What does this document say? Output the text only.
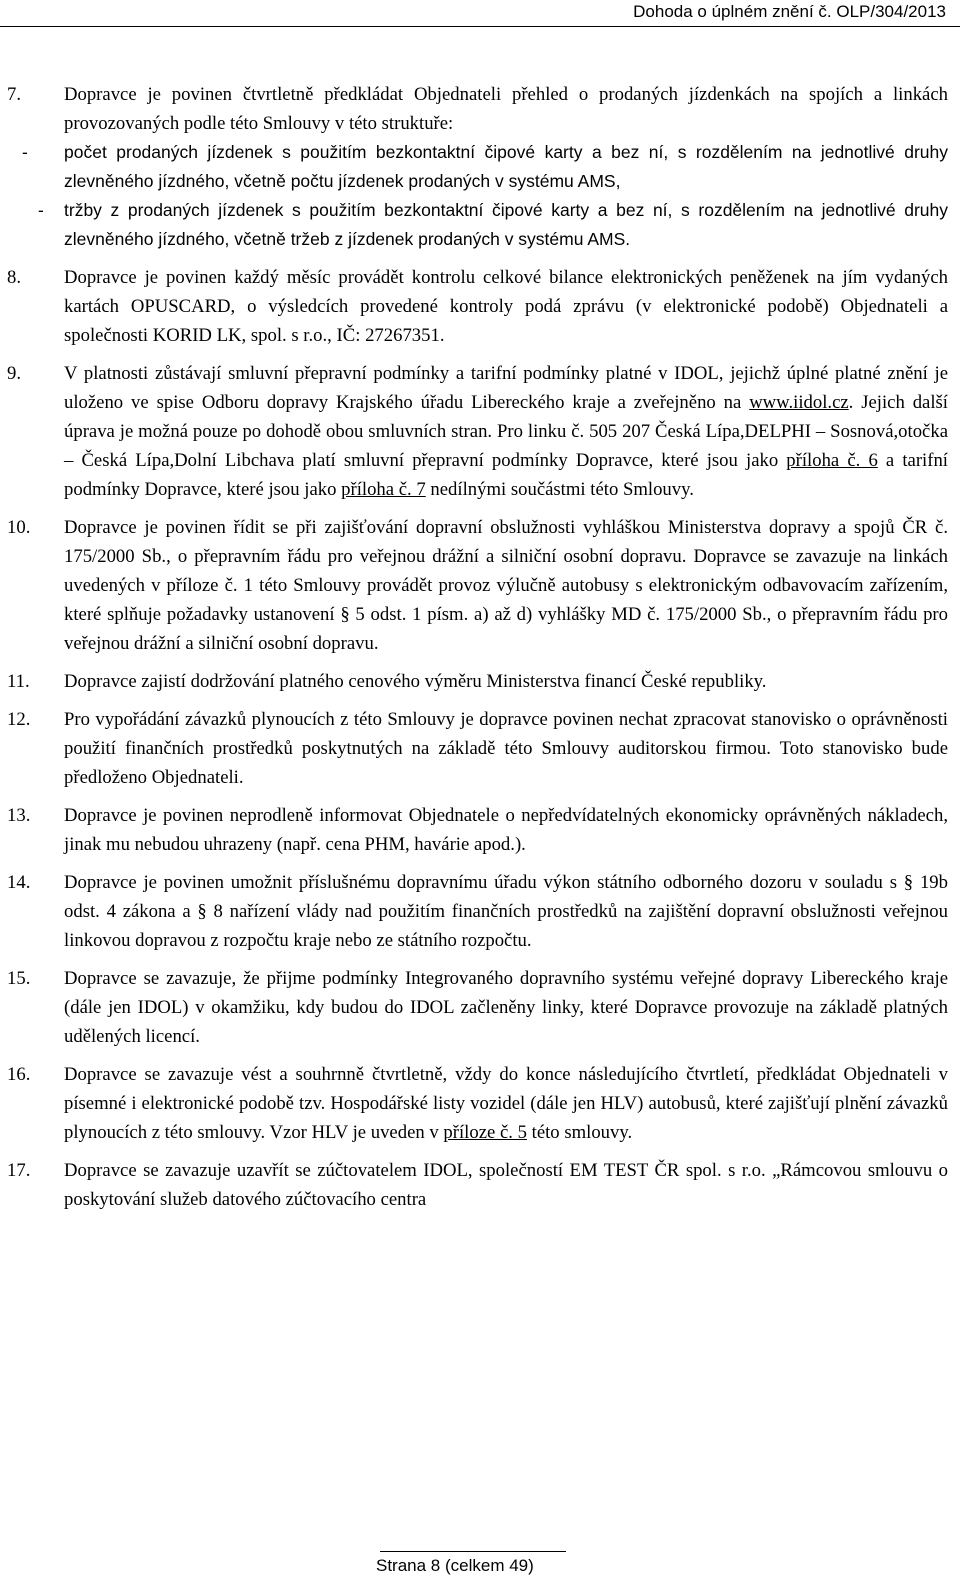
Dohoda o úplném znění č. OLP/304/2013
7. Dopravce je povinen čtvrtletně předkládat Objednateli přehled o prodaných jízdenkách na spojích a linkách provozovaných podle této Smlouvy v této struktuře:
- počet prodaných jízdenek s použitím bezkontaktní čipové karty a bez ní, s rozdělením na jednotlivé druhy zlevněného jízdného, včetně počtu jízdenek prodaných v systému AMS,
- tržby z prodaných jízdenek s použitím bezkontaktní čipové karty a bez ní, s rozdělením na jednotlivé druhy zlevněného jízdného, včetně tržeb z jízdenek prodaných v systému AMS.
8. Dopravce je povinen každý měsíc provádět kontrolu celkové bilance elektronických peněženek na jím vydaných kartách OPUSCARD, o výsledcích provedené kontroly podá zprávu (v elektronické podobě) Objednateli a společnosti KORID LK, spol. s r.o., IČ: 27267351.
9. V platnosti zůstávají smluvní přepravní podmínky a tarifní podmínky platné v IDOL, jejichž úplné platné znění je uloženo ve spise Odboru dopravy Krajského úřadu Libereckého kraje a zveřejněno na www.iidol.cz. Jejich další úprava je možná pouze po dohodě obou smluvních stran. Pro linku č. 505 207 Česká Lípa,DELPHI – Sosnová,otočka – Česká Lípa,Dolní Libchava platí smluvní přepravní podmínky Dopravce, které jsou jako příloha č. 6 a tarifní podmínky Dopravce, které jsou jako příloha č. 7 nedílnými součástmi této Smlouvy.
10. Dopravce je povinen řídit se při zajišťování dopravní obslužnosti vyhláškou Ministerstva dopravy a spojů ČR č. 175/2000 Sb., o přepravním řádu pro veřejnou drážní a silniční osobní dopravu. Dopravce se zavazuje na linkách uvedených v příloze č. 1 této Smlouvy provádět provoz výlučně autobusy s elektronickým odbavovacím zařízením, které splňuje požadavky ustanovení § 5 odst. 1 písm. a) až d) vyhlášky MD č. 175/2000 Sb., o přepravním řádu pro veřejnou drážní a silniční osobní dopravu.
11. Dopravce zajistí dodržování platného cenového výměru Ministerstva financí České republiky.
12. Pro vypořádání závazků plynoucích z této Smlouvy je dopravce povinen nechat zpracovat stanovisko o oprávněnosti použití finančních prostředků poskytnutých na základě této Smlouvy auditorskou firmou. Toto stanovisko bude předloženo Objednateli.
13. Dopravce je povinen neprodleně informovat Objednatele o nepředvídatelných ekonomicky oprávněných nákladech, jinak mu nebudou uhrazeny (např. cena PHM, havárie apod.).
14. Dopravce je povinen umožnit příslušnému dopravnímu úřadu výkon státního odborného dozoru v souladu s § 19b odst. 4 zákona a § 8 nařízení vlády nad použitím finančních prostředků na zajištění dopravní obslužnosti veřejnou linkovou dopravou z rozpočtu kraje nebo ze státního rozpočtu.
15. Dopravce se zavazuje, že přijme podmínky Integrovaného dopravního systému veřejné dopravy Libereckého kraje (dále jen IDOL) v okamžiku, kdy budou do IDOL začleněny linky, které Dopravce provozuje na základě platných udělených licencí.
16. Dopravce se zavazuje vést a souhrnně čtvrtletně, vždy do konce následujícího čtvrtletí, předkládat Objednateli v písemné i elektronické podobě tzv. Hospodářské listy vozidel (dále jen HLV) autobusů, které zajišťují plnění závazků plynoucích z této smlouvy. Vzor HLV je uveden v příloze č. 5 této smlouvy.
17. Dopravce se zavazuje uzavřít se zúčtovatelem IDOL, společností EM TEST ČR spol. s r.o. „Rámcovou smlouvu o poskytování služeb datového zúčtovacího centra
Strana 8 (celkem 49)
